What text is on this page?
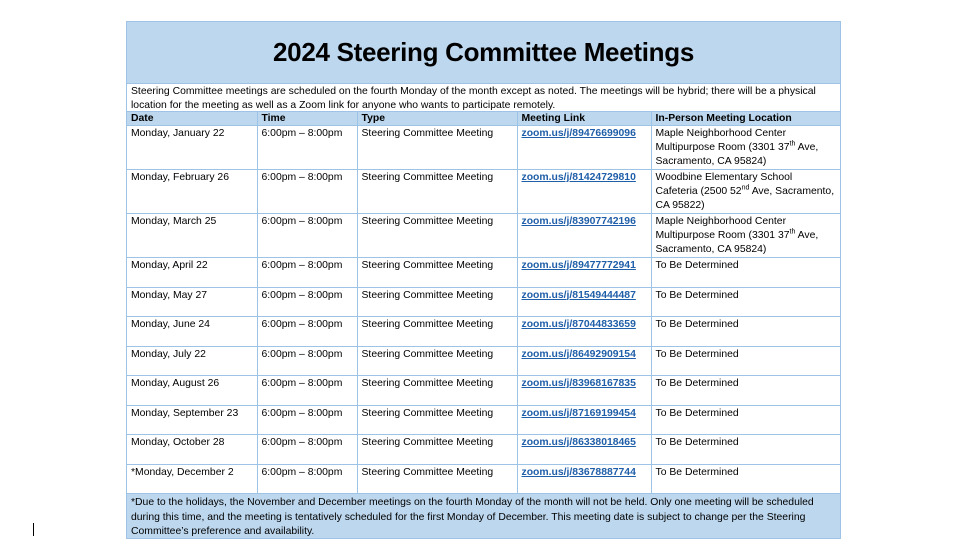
2024 Steering Committee Meetings
Steering Committee meetings are scheduled on the fourth Monday of the month except as noted. The meetings will be hybrid; there will be a physical location for the meeting as well as a Zoom link for anyone who wants to participate remotely.
Date	Time	Type	Meeting Link	In-Person Meeting Location
Monday, January 22	6:00pm – 8:00pm	Steering Committee Meeting	zoom.us/j/89476699096	Maple Neighborhood Center
Multipurpose Room (3301 37th Ave,
Sacramento, CA 95824)
Monday, February 26	6:00pm – 8:00pm	Steering Committee Meeting	zoom.us/j/81424729810	Woodbine Elementary School
Cafeteria (2500 52nd Ave, Sacramento,
CA 95822)
Monday, March 25	6:00pm – 8:00pm	Steering Committee Meeting	zoom.us/j/83907742196	Maple Neighborhood Center
Multipurpose Room (3301 37th Ave,
Sacramento, CA 95824)
Monday, April 22	6:00pm – 8:00pm	Steering Committee Meeting	zoom.us/j/89477772941	To Be Determined
Monday, May 27	6:00pm – 8:00pm	Steering Committee Meeting	zoom.us/j/81549444487	To Be Determined
Monday, June 24	6:00pm – 8:00pm	Steering Committee Meeting	zoom.us/j/87044833659	To Be Determined
Monday, July 22	6:00pm – 8:00pm	Steering Committee Meeting	zoom.us/j/86492909154	To Be Determined
Monday, August 26	6:00pm – 8:00pm	Steering Committee Meeting	zoom.us/j/83968167835	To Be Determined
Monday, September 23	6:00pm – 8:00pm	Steering Committee Meeting	zoom.us/j/87169199454	To Be Determined
Monday, October 28	6:00pm – 8:00pm	Steering Committee Meeting	zoom.us/j/86338018465	To Be Determined
*Monday, December 2	6:00pm – 8:00pm	Steering Committee Meeting	zoom.us/j/83678887744	To Be Determined
*Due to the holidays, the November and December meetings on the fourth Monday of the month will not be held. Only one meeting will be scheduled during this time, and the meeting is tentatively scheduled for the first Monday of December. This meeting date is subject to change per the Steering Committee’s preference and availability.
